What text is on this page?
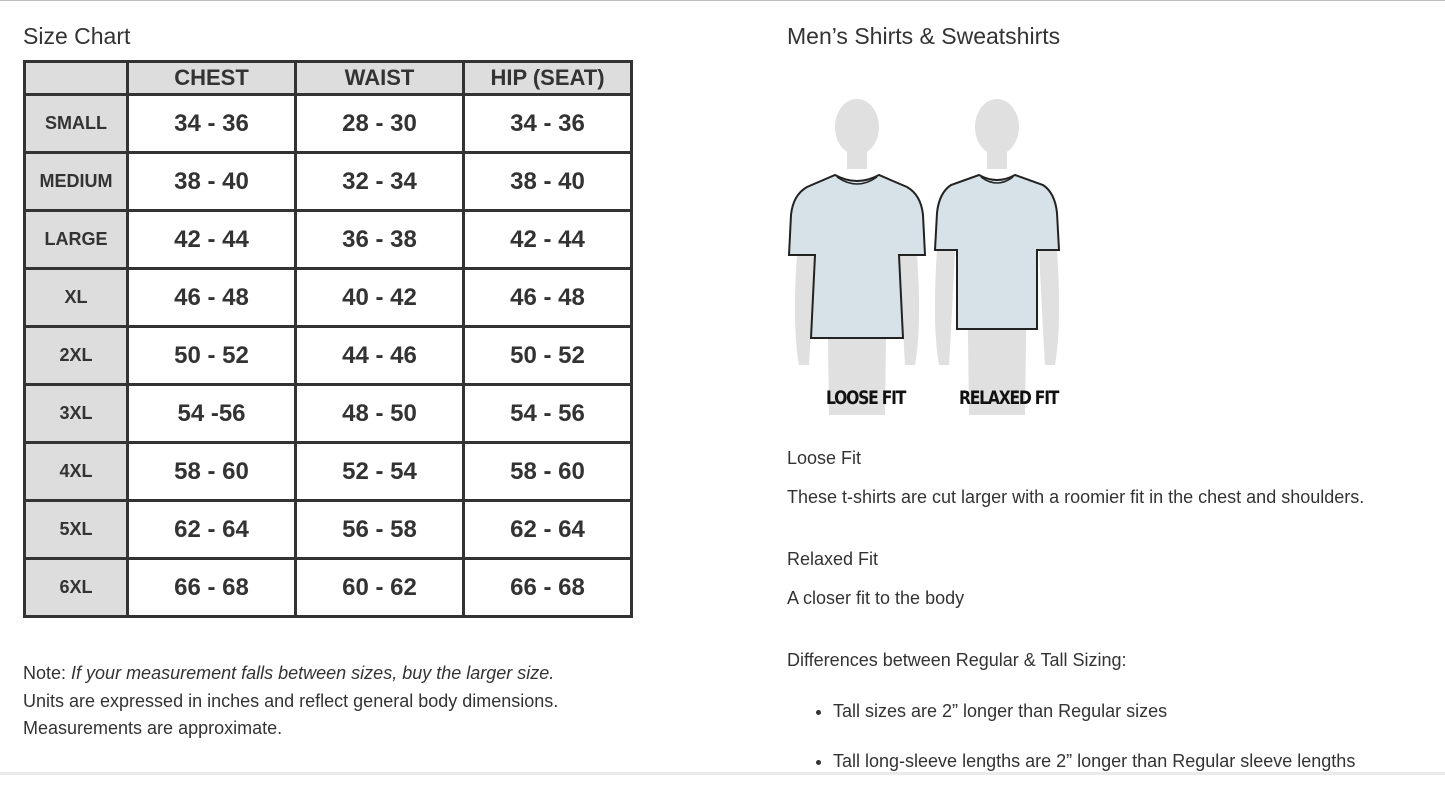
Size Chart
	CHEST	WAIST	HIP (SEAT)
SMALL	34 - 36	28 - 30	34 - 36
MEDIUM	38 - 40	32 - 34	38 - 40
LARGE	42 - 44	36 - 38	42 - 44
XL	46 - 48	40 - 42	46 - 48
2XL	50 - 52	44 - 46	50 - 52
3XL	54 -56	48 - 50	54 - 56
4XL	58 - 60	52 - 54	58 - 60
5XL	62 - 64	56 - 58	62 - 64
6XL	66 - 68	60 - 62	66 - 68
Note: If your measurement falls between sizes, buy the larger size.
Units are expressed in inches and reflect general body dimensions.
Measurements are approximate.
Men’s Shirts & Sweatshirts
LOOSE FIT	RELAXED FIT

Loose Fit

These t-shirts are cut larger with a roomier fit in the chest and shoulders.

Relaxed Fit

A closer fit to the body

Differences between Regular & Tall Sizing:

• Tall sizes are 2” longer than Regular sizes
• Tall long-sleeve lengths are 2” longer than Regular sleeve lengths
